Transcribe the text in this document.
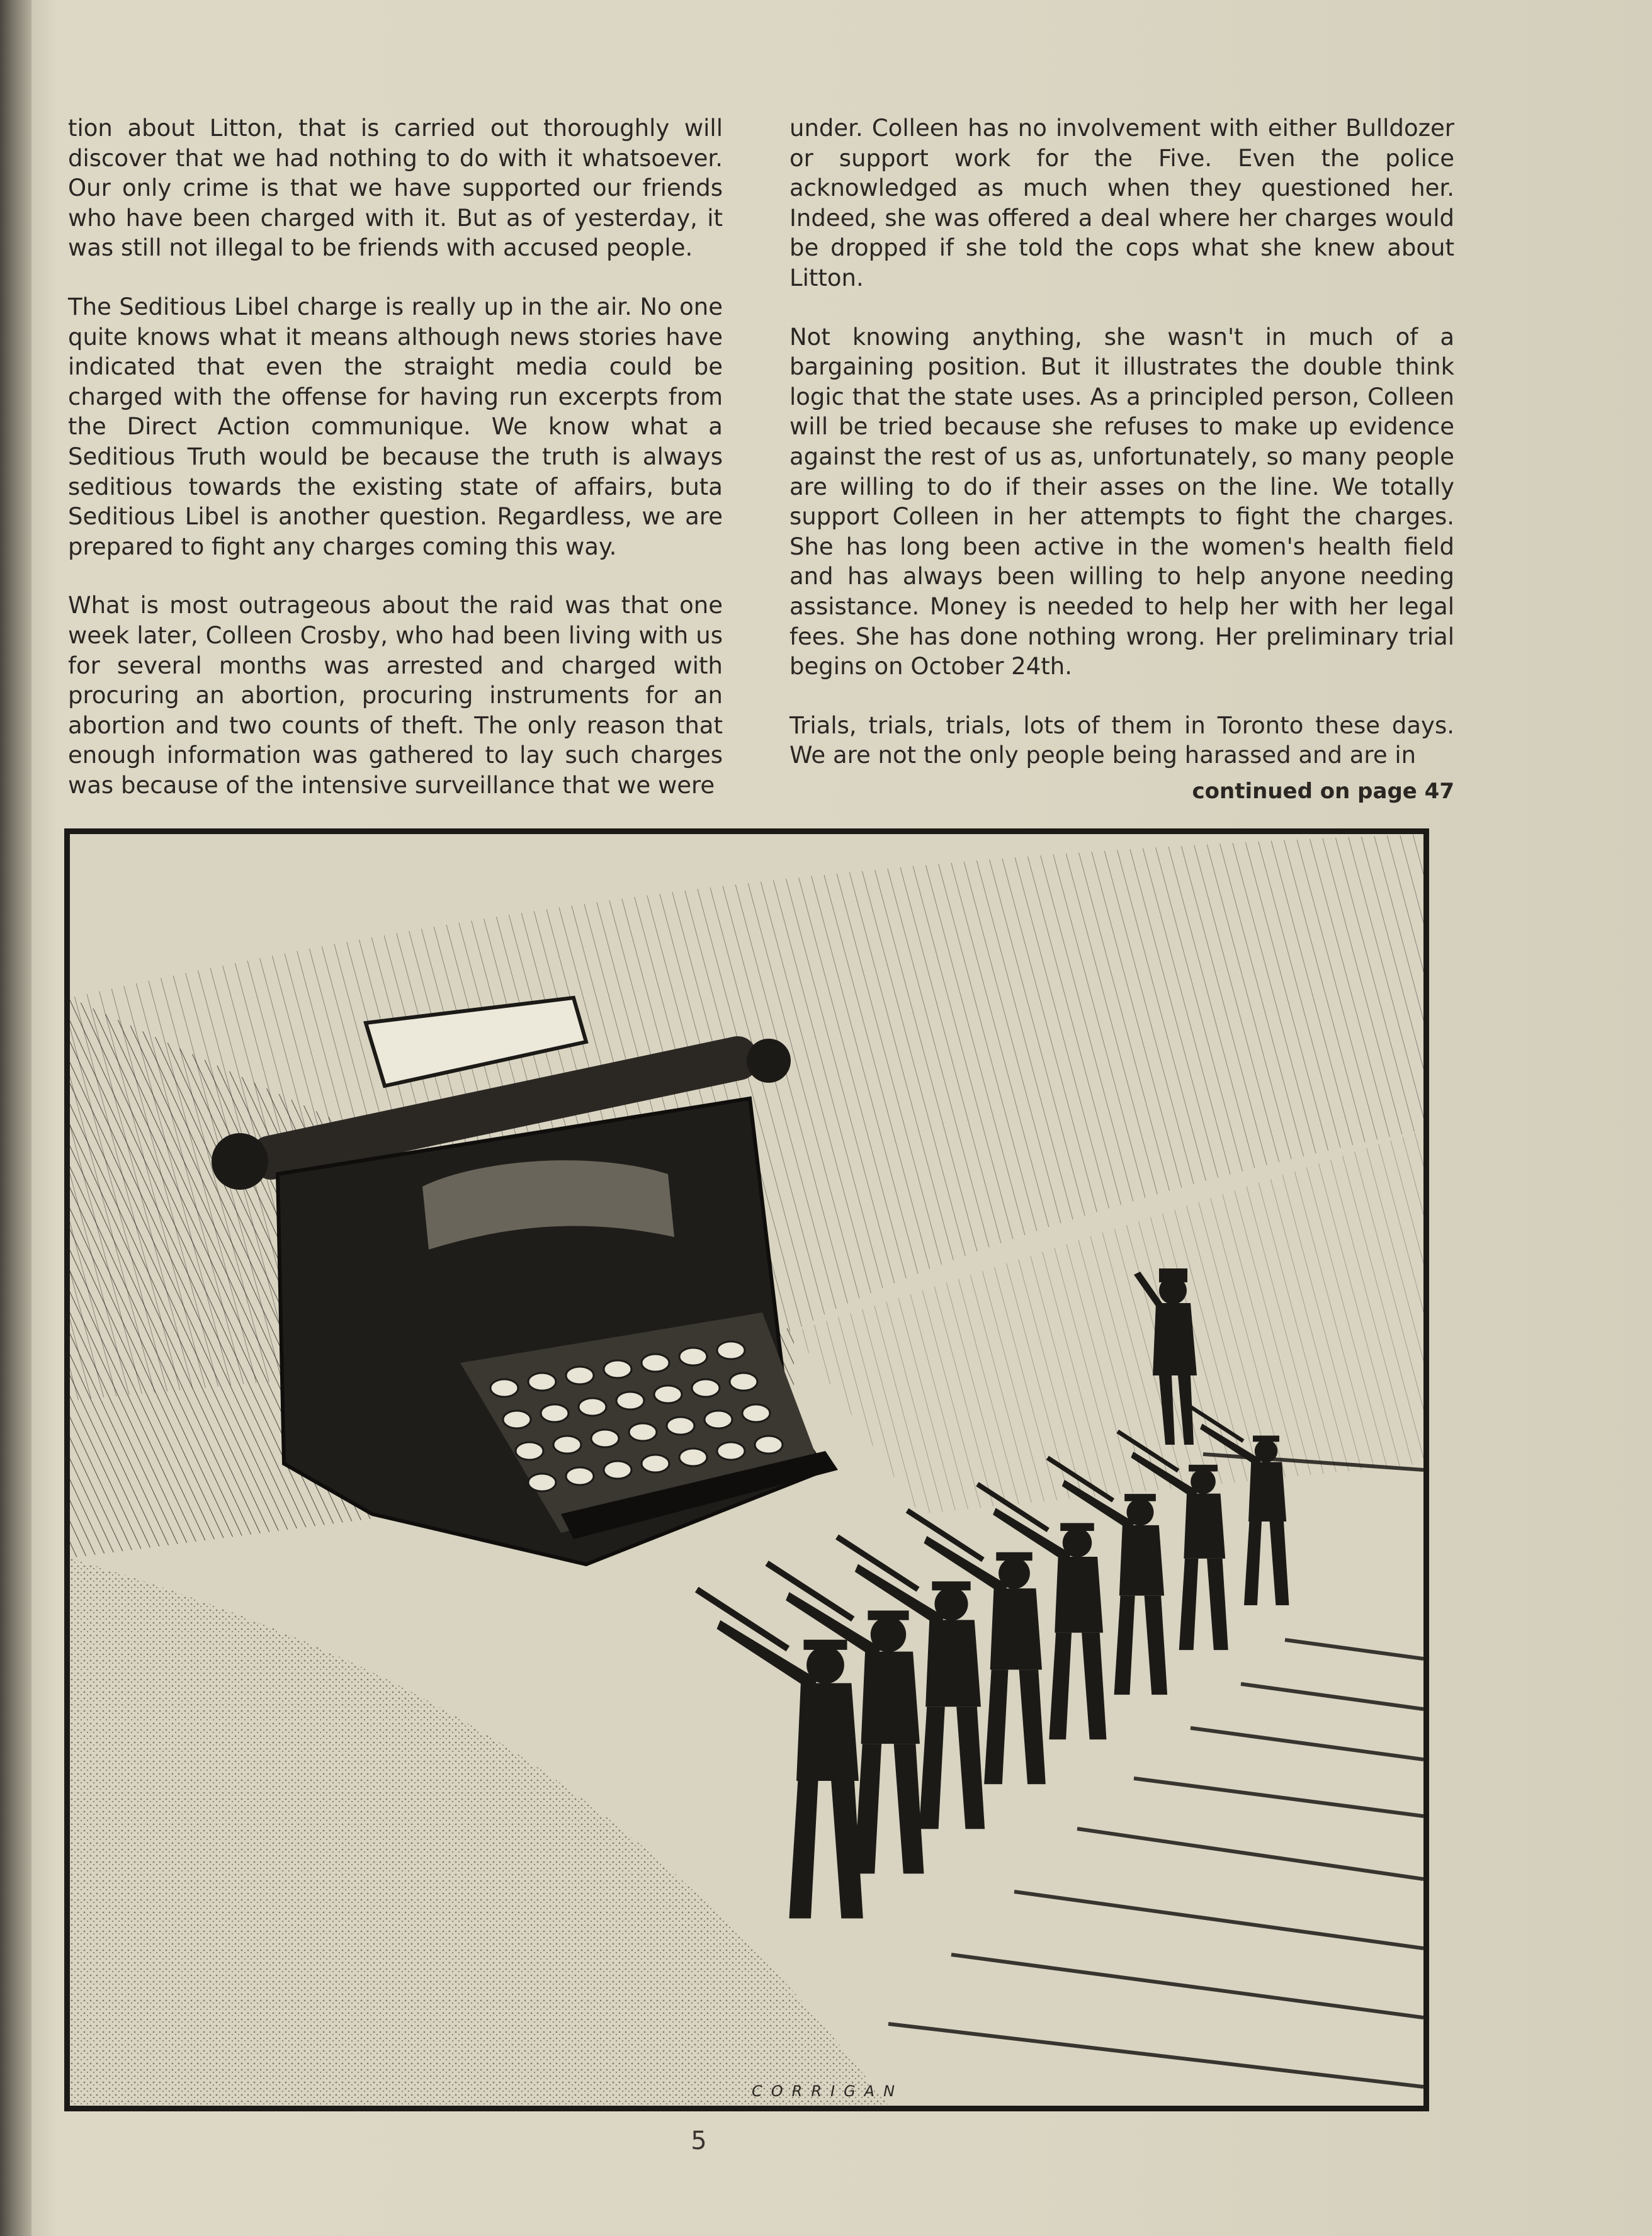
tion about Litton, that is carried out thoroughly will discover that we had nothing to do with it whatsoever. Our only crime is that we have supported our friends who have been charged with it. But as of yesterday, it was still not illegal to be friends with accused people.

The Seditious Libel charge is really up in the air. No one quite knows what it means although news stories have indicated that even the straight media could be charged with the offense for having run excerpts from the Direct Action communique. We know what a Seditious Truth would be because the truth is always seditious towards the existing state of affairs, buta Seditious Libel is another question. Regardless, we are prepared to fight any charges coming this way.

What is most outrageous about the raid was that one week later, Colleen Crosby, who had been living with us for several months was arrested and charged with procuring an abortion, procuring instruments for an abortion and two counts of theft. The only reason that enough information was gathered to lay such charges was because of the intensive surveillance that we were

under. Colleen has no involvement with either Bulldozer or support work for the Five. Even the police acknowledged as much when they questioned her. Indeed, she was offered a deal where her charges would be dropped if she told the cops what she knew about Litton.

Not knowing anything, she wasn't in much of a bargaining position. But it illustrates the double think logic that the state uses. As a principled person, Colleen will be tried because she refuses to make up evidence against the rest of us as, unfortunately, so many people are willing to do if their asses on the line. We totally support Colleen in her attempts to fight the charges. She has long been active in the women's health field and has always been willing to help anyone needing assistance. Money is needed to help her with her legal fees. She has done nothing wrong. Her preliminary trial begins on October 24th.

Trials, trials, trials, lots of them in Toronto these days. We are not the only people being harassed and are in

continued on page 47
CORRIGAN
5
